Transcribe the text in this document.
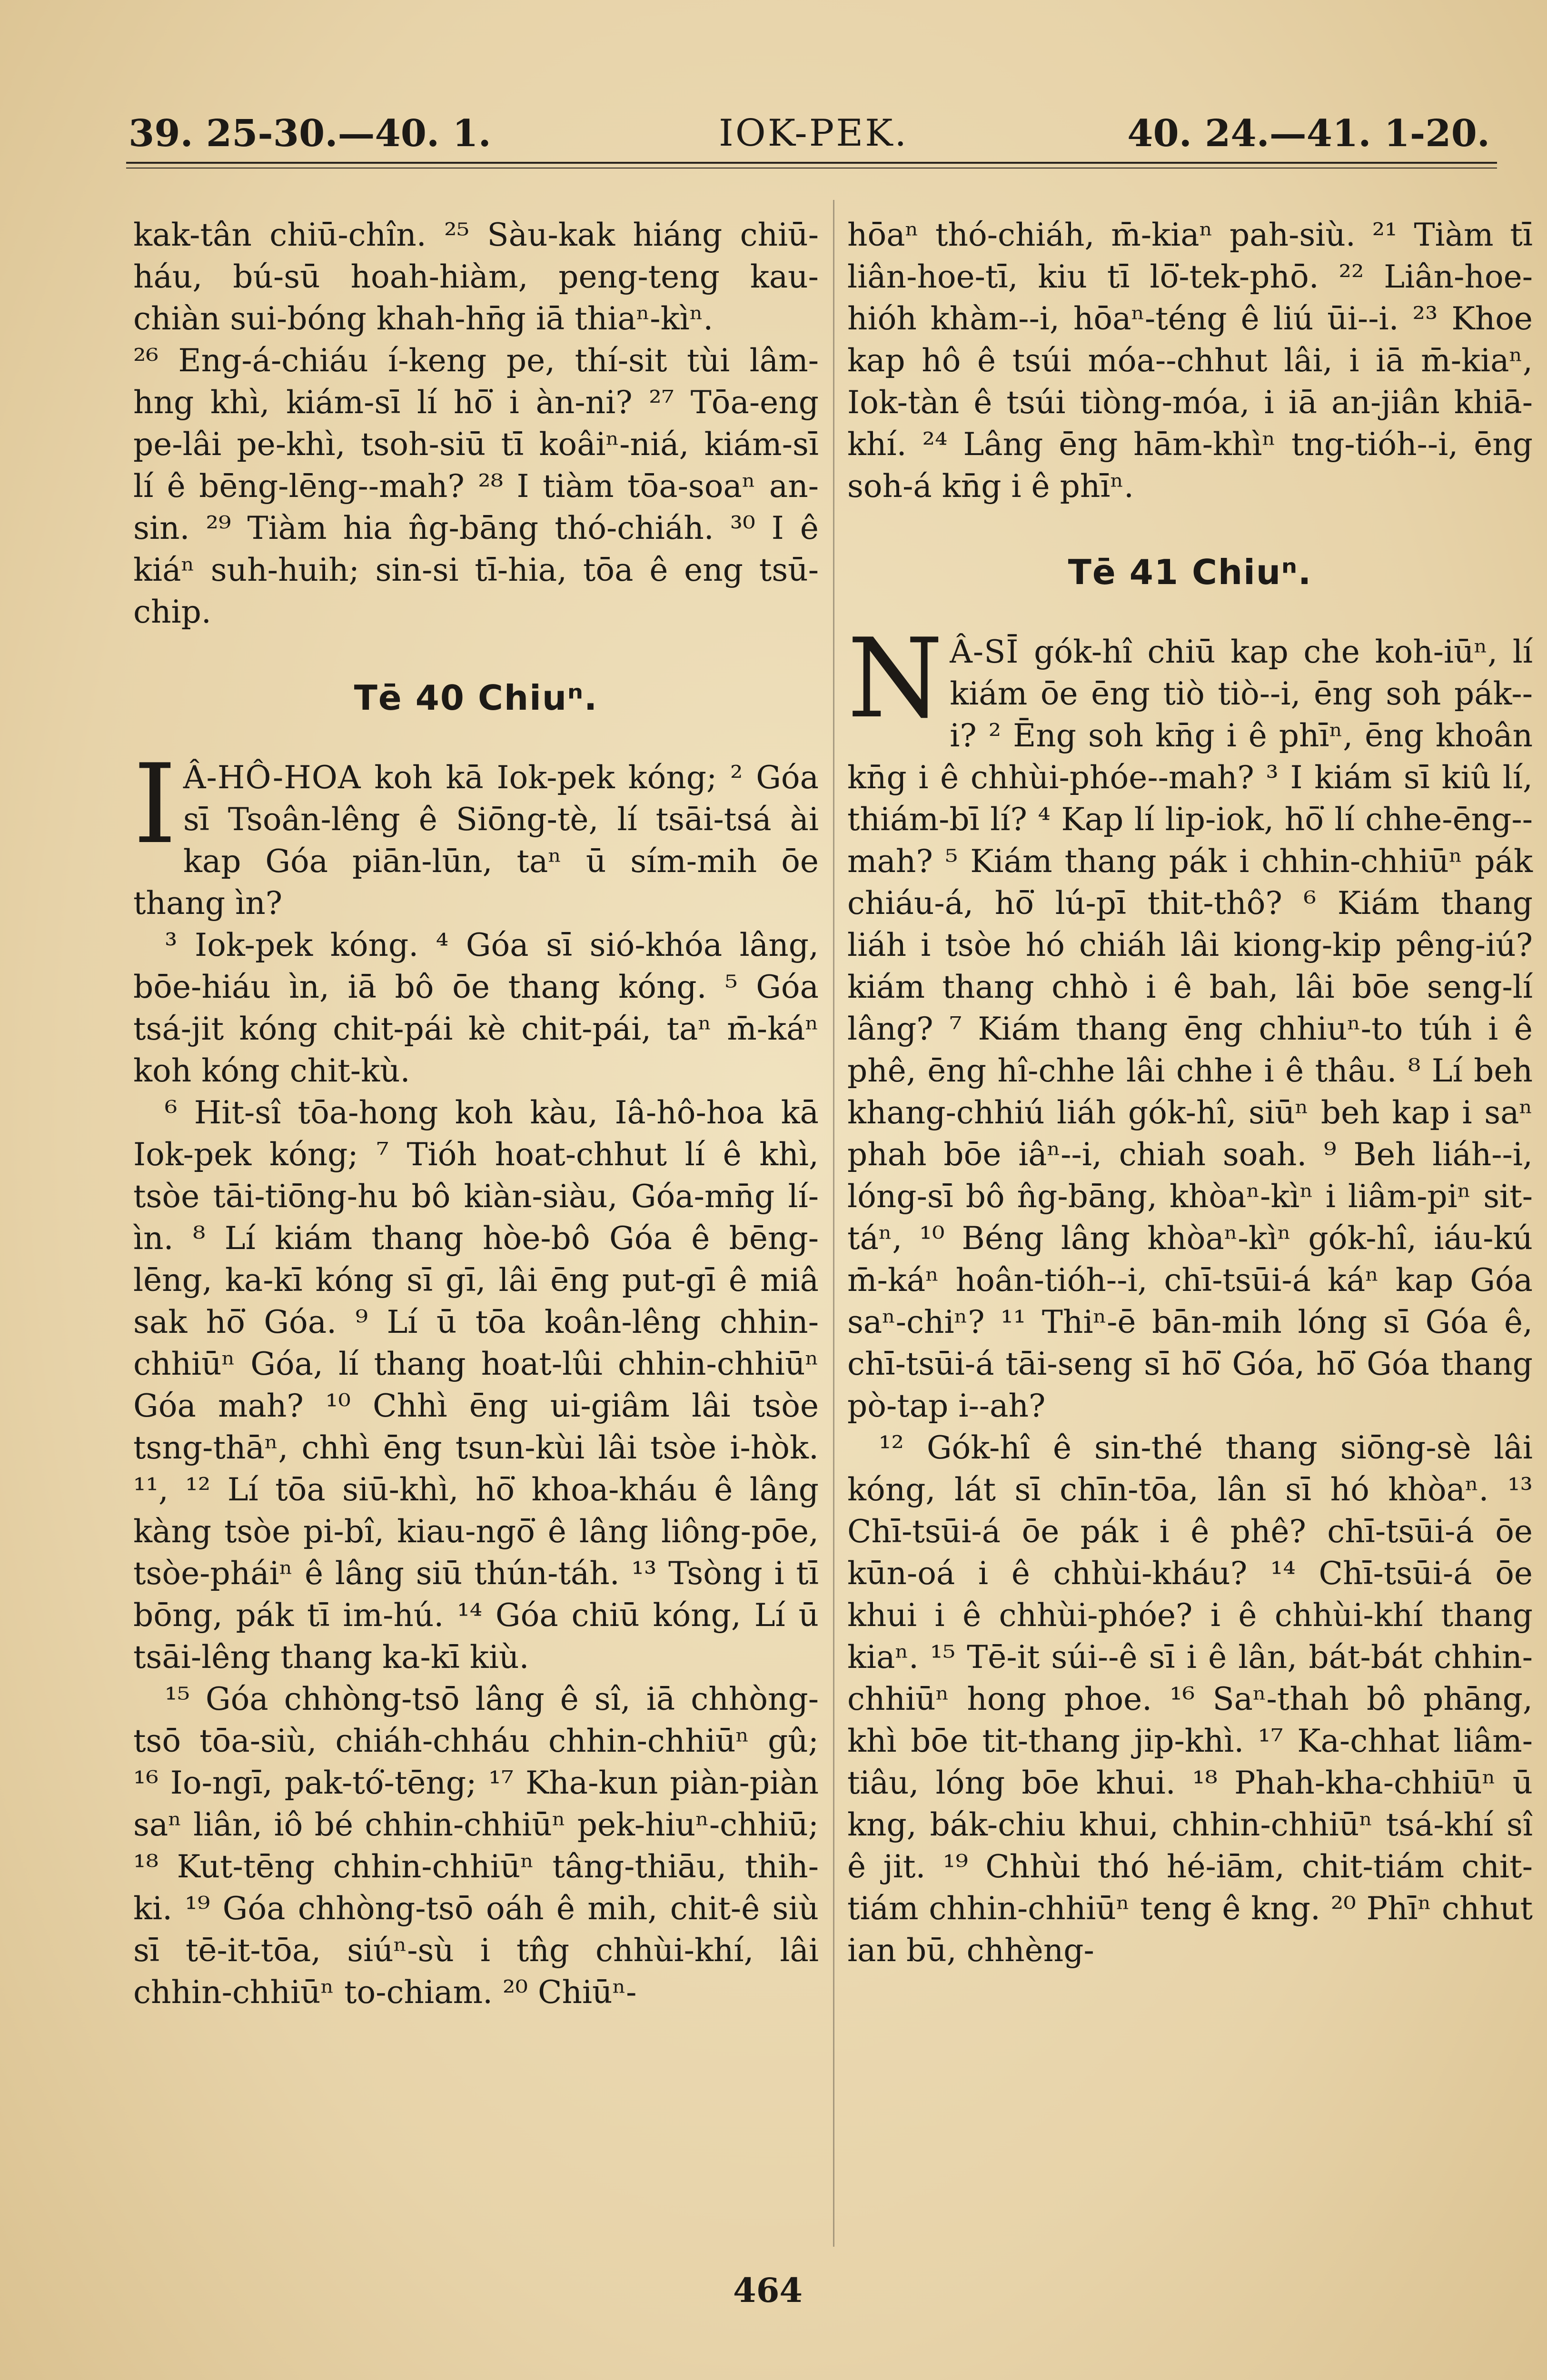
39. 25-30.—40. 1.	IOK-PEK.	40. 24.—41. 1-20.

kak-tân chiū-chîn. ²⁵ Sàu-kak hiáng chiū-háu, bú-sū hoah-hiàm, peng-teng kau-chiàn sui-bóng khah-hn̄g iā thiaⁿ-kìⁿ.

²⁶ Eng-á-chiáu í-keng pe, thí-sit tùi lâm-hng khì, kiám-sī lí hō͘ i àn-ni? ²⁷ Tōa-eng pe-lâi pe-khì, tsoh-siū tī koâiⁿ-niá, kiám-sī lí ê bēng-lēng--mah? ²⁸ I tiàm tōa-soaⁿ an-sin. ²⁹ Tiàm hia n̂g-bāng thó-chiáh. ³⁰ I ê kiáⁿ suh-huih; sin-si tī-hia, tōa ê eng tsū-chip.

Tē 40 Chiuⁿ.

I Â-HÔ-HOA koh kā Iok-pek kóng; ² Góa sī Tsoân-lêng ê Siōng-tè, lí tsāi-tsá ài kap Góa piān-lūn, taⁿ ū sím-mih ōe thang ìn?

³ Iok-pek kóng. ⁴ Góa sī sió-khóa lâng, bōe-hiáu ìn, iā bô ōe thang kóng. ⁵ Góa tsá-jit kóng chit-pái kè chit-pái, taⁿ m̄-káⁿ koh kóng chit-kù.

⁶ Hit-sî tōa-hong koh kàu, Iâ-hô-hoa kā Iok-pek kóng; ⁷ Tióh hoat-chhut lí ê khì, tsòe tāi-tiōng-hu bô kiàn-siàu, Góa-mn̄g lí-ìn. ⁸ Lí kiám thang hòe-bô Góa ê bēng-lēng, ka-kī kóng sī gī, lâi ēng put-gī ê miâ sak hō͘ Góa. ⁹ Lí ū tōa koân-lêng chhin-chhiūⁿ Góa, lí thang hoat-lûi chhin-chhiūⁿ Góa mah? ¹⁰ Chhì ēng ui-giâm lâi tsòe tsng-thāⁿ, chhì ēng tsun-kùi lâi tsòe i-hòk. ¹¹, ¹² Lí tōa siū-khì, hō͘ khoa-kháu ê lâng kàng tsòe pi-bî, kiau-ngō͘ ê lâng liông-pōe, tsòe-pháiⁿ ê lâng siū thún-táh. ¹³ Tsòng i tī bōng, pák tī im-hú. ¹⁴ Góa chiū kóng, Lí ū tsāi-lêng thang ka-kī kiù.

¹⁵ Góa chhòng-tsō lâng ê sî, iā chhòng-tsō tōa-siù, chiáh-chháu chhin-chhiūⁿ gû; ¹⁶ Io-ngī, pak-tó͘-tēng; ¹⁷ Kha-kun piàn-piàn saⁿ liân, iô bé chhin-chhiūⁿ pek-hiuⁿ-chhiū; ¹⁸ Kut-tēng chhin-chhiūⁿ tâng-thiāu, thih-ki. ¹⁹ Góa chhòng-tsō oáh ê mih, chit-ê siù sī tē-it-tōa, siúⁿ-sù i tn̂g chhùi-khí, lâi chhin-chhiūⁿ to-chiam. ²⁰ Chiūⁿ-

hōaⁿ thó-chiáh, m̄-kiaⁿ pah-siù. ²¹ Tiàm tī liân-hoe-tī, kiu tī lō͘-tek-phō. ²² Liân-hoe-hióh khàm--i, hōaⁿ-téng ê liú ūi--i. ²³ Khoe kap hô ê tsúi móa--chhut lâi, i iā m̄-kiaⁿ, Iok-tàn ê tsúi tiòng-móa, i iā an-jiân khiā-khí. ²⁴ Lâng ēng hām-khìⁿ tng-tióh--i, ēng soh-á kn̄g i ê phīⁿ.

Tē 41 Chiuⁿ.

N Â-SĪ gók-hî chiū kap che koh-iūⁿ, lí kiám ōe ēng tiò tiò--i, ēng soh pák--i? ² Ēng soh kn̄g i ê phīⁿ, ēng khoân kn̄g i ê chhùi-phóe--mah? ³ I kiám sī kiû lí, thiám-bī lí? ⁴ Kap lí lip-iok, hō͘ lí chhe-ēng--mah? ⁵ Kiám thang pák i chhin-chhiūⁿ pák chiáu-á, hō͘ lú-pī thit-thô? ⁶ Kiám thang liáh i tsòe hó chiáh lâi kiong-kip pêng-iú? kiám thang chhò i ê bah, lâi bōe seng-lí lâng? ⁷ Kiám thang ēng chhiuⁿ-to túh i ê phê, ēng hî-chhe lâi chhe i ê thâu. ⁸ Lí beh khang-chhiú liáh gók-hî, siūⁿ beh kap i saⁿ phah bōe iâⁿ--i, chiah soah. ⁹ Beh liáh--i, lóng-sī bô n̂g-bāng, khòaⁿ-kìⁿ i liâm-piⁿ sit-táⁿ, ¹⁰ Béng lâng khòaⁿ-kìⁿ gók-hî, iáu-kú m̄-káⁿ hoân-tióh--i, chī-tsūi-á káⁿ kap Góa saⁿ-chiⁿ? ¹¹ Thiⁿ-ē bān-mih lóng sī Góa ê, chī-tsūi-á tāi-seng sī hō͘ Góa, hō͘ Góa thang pò-tap i--ah?

¹² Gók-hî ê sin-thé thang siōng-sè lâi kóng, lát sī chīn-tōa, lân sī hó khòaⁿ. ¹³ Chī-tsūi-á ōe pák i ê phê? chī-tsūi-á ōe kūn-oá i ê chhùi-kháu? ¹⁴ Chī-tsūi-á ōe khui i ê chhùi-phóe? i ê chhùi-khí thang kiaⁿ. ¹⁵ Tē-it súi--ê sī i ê lân, bát-bát chhin-chhiūⁿ hong phoe. ¹⁶ Saⁿ-thah bô phāng, khì bōe tit-thang jip-khì. ¹⁷ Ka-chhat liâm-tiâu, lóng bōe khui. ¹⁸ Phah-kha-chhiūⁿ ū kng, bák-chiu khui, chhin-chhiūⁿ tsá-khí sî ê jit. ¹⁹ Chhùi thó hé-iām, chit-tiám chit-tiám chhin-chhiūⁿ teng ê kng. ²⁰ Phīⁿ chhut ian bū, chhèng-

464
